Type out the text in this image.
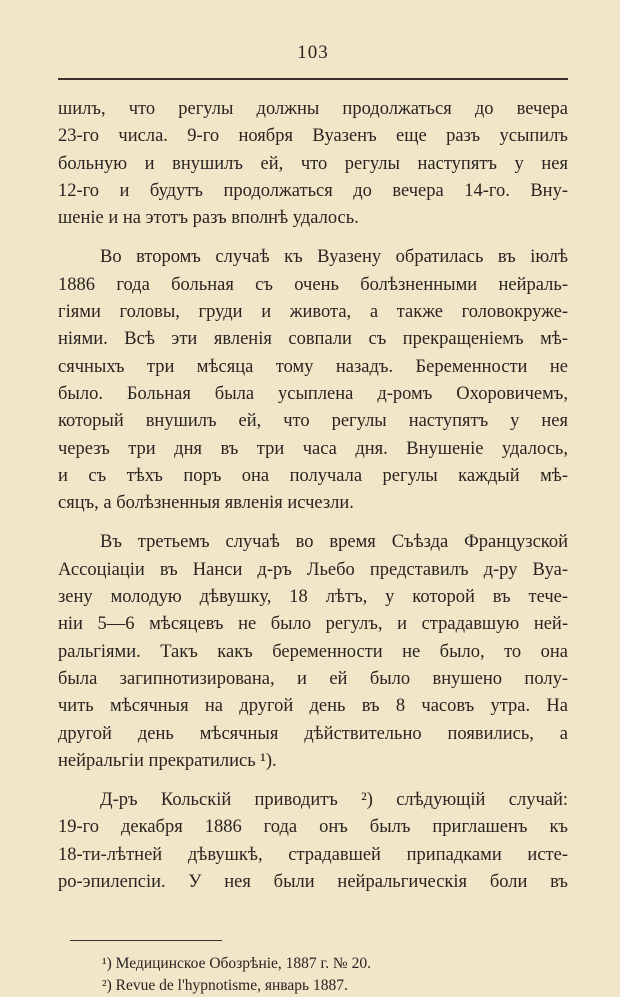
103

шилъ, что регулы должны продолжаться до вечера

23-го числа. 9-го ноября Вуазенъ еще разъ усыпилъ

больную и внушилъ ей, что регулы наступятъ у нея

12-го и будутъ продолжаться до вечера 14-го. Вну-

шенiе и на этотъ разъ вполнѣ удалось.

Во второмъ случаѣ къ Вуазену обратилась въ iюлѣ

1886 года больная съ очень болѣзненными нейраль-

гiями головы, груди и живота, а также головокруже-

нiями. Всѣ эти явленiя совпали съ прекращенiемъ мѣ-

сячныхъ три мѣсяца тому назадъ. Беременности не

было. Больная была усыплена д-ромъ Охоровичемъ,

который внушилъ ей, что регулы наступятъ у нея

черезъ три дня въ три часа дня. Внушенiе удалось,

и съ тѣхъ поръ она получала регулы каждый мѣ-

сяцъ, а болѣзненныя явленiя исчезли.

Въ третьемъ случаѣ во время Съѣзда Французской

Ассоцiацiи въ Нанси д-ръ Льебо представилъ д-ру Вуа-

зену молодую дѣвушку, 18 лѣтъ, у которой въ тече-

нiи 5—6 мѣсяцевъ не было регулъ, и страдавшую ней-

ральгiями. Такъ какъ беременности не было, то она

была загипнотизирована, и ей было внушено полу-

чить мѣсячныя на другой день въ 8 часовъ утра. На

другой день мѣсячныя дѣйствительно появились, а

нейральгiи прекратились ¹).

Д-ръ Кольскiй приводитъ ²) слѣдующiй случай:

19-го декабря 1886 года онъ былъ приглашенъ къ

18-ти-лѣтней дѣвушкѣ, страдавшей припадками исте-

ро-эпилепсiи. У нея были нейральгическiя боли въ

¹) Медицинское Обозрѣнiе, 1887 г. № 20.

²) Revue de l'hypnotisme, январь 1887.
